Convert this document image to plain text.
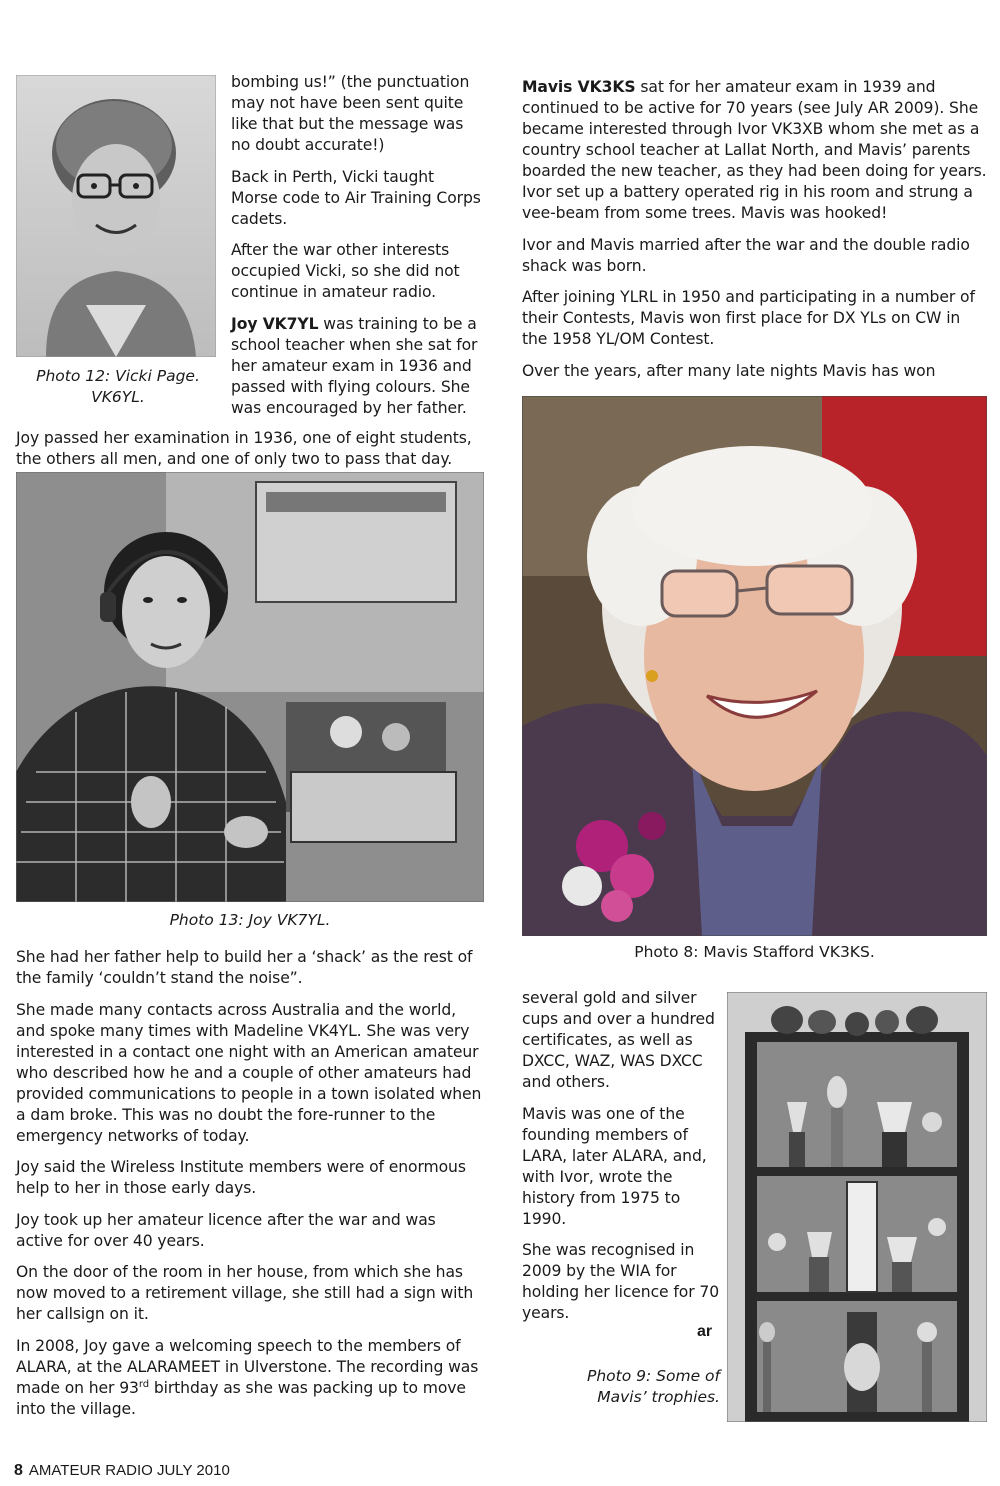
Photo 12: Vicki Page. VK6YL.

bombing us!” (the punctuation may not have been sent quite like that but the message was no doubt accurate!)

Back in Perth, Vicki taught Morse code to Air Training Corps cadets.

After the war other interests occupied Vicki, so she did not continue in amateur radio.

Joy VK7YL was training to be a school teacher when she sat for her amateur exam in 1936 and passed with flying colours. She was encouraged by her father.

Joy passed her examination in 1936, one of eight students, the others all men, and one of only two to pass that day.
Photo 13: Joy VK7YL.

She had her father help to build her a ‘shack’ as the rest of the family ‘couldn’t stand the noise”.

She made many contacts across Australia and the world, and spoke many times with Madeline VK4YL. She was very interested in a contact one night with an American amateur who described how he and a couple of other amateurs had provided communications to people in a town isolated when a dam broke. This was no doubt the fore-runner to the emergency networks of today.

Joy said the Wireless Institute members were of enormous help to her in those early days.

Joy took up her amateur licence after the war and was active for over 40 years.

On the door of the room in her house, from which she has now moved to a retirement village, she still had a sign with her callsign on it.

In 2008, Joy gave a welcoming speech to the members of ALARA, at the ALARAMEET in Ulverstone. The recording was made on her 93rd birthday as she was packing up to move into the village.

Mavis VK3KS sat for her amateur exam in 1939 and continued to be active for 70 years (see July AR 2009). She became interested through Ivor VK3XB whom she met as a country school teacher at Lallat North, and Mavis’ parents boarded the new teacher, as they had been doing for years. Ivor set up a battery operated rig in his room and strung a vee-beam from some trees. Mavis was hooked!

Ivor and Mavis married after the war and the double radio shack was born.

After joining YLRL in 1950 and participating in a number of their Contests, Mavis won first place for DX YLs on CW in the 1958 YL/OM Contest.

Over the years, after many late nights Mavis has won

Photo 8: Mavis Stafford VK3KS.

several gold and silver cups and over a hundred certificates, as well as DXCC, WAZ, WAS DXCC and others.

Mavis was one of the founding members of LARA, later ALARA, and, with Ivor, wrote the history from 1975 to 1990.

She was recognised in 2009 by the WIA for holding her licence for 70 years.

ar
Photo 9: Some of Mavis’ trophies.
8 AMATEUR RADIO JULY 2010
